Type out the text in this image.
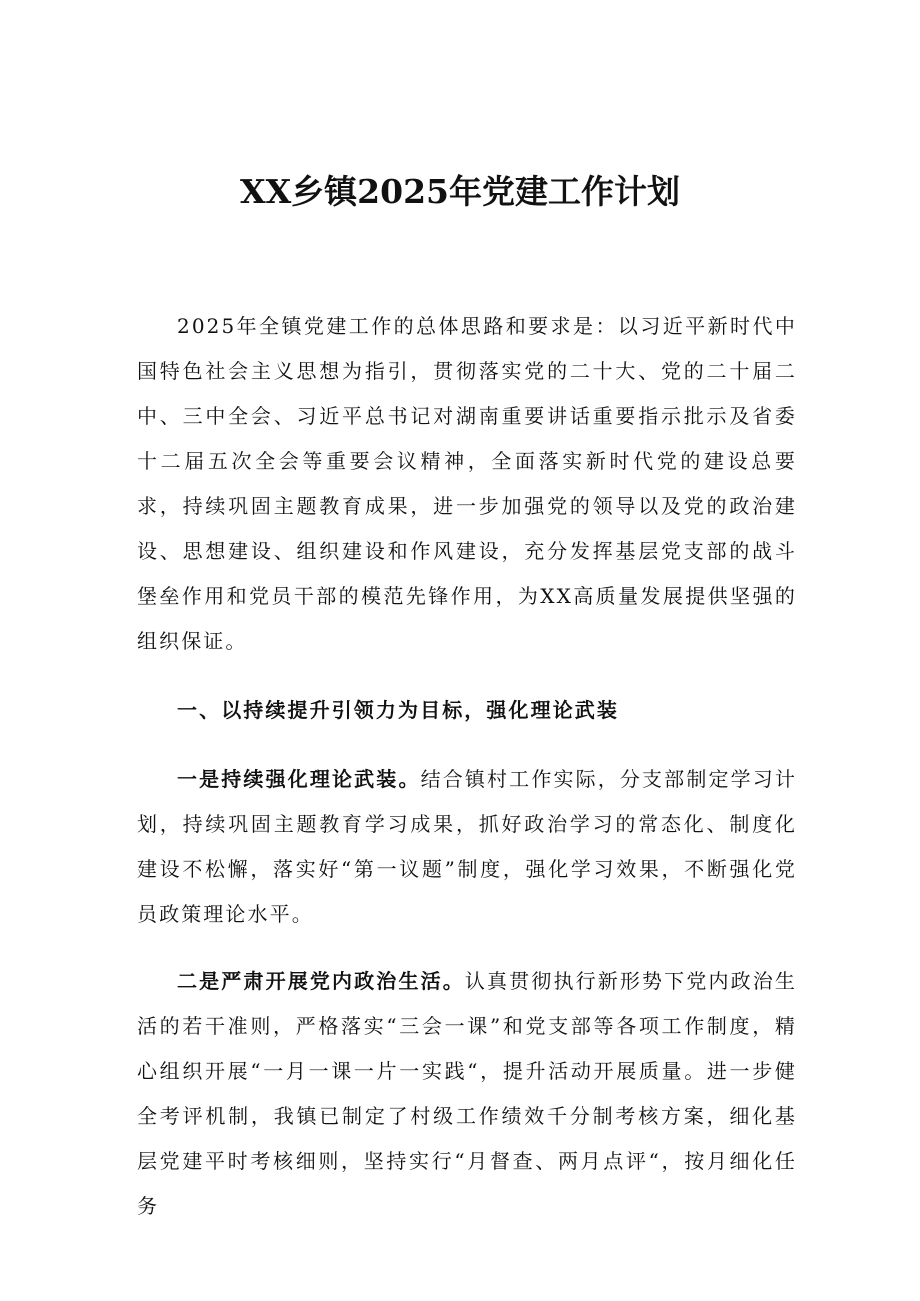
XX乡镇2025年党建工作计划

2025年全镇党建工作的总体思路和要求是：以习近平新时代中国特色社会主义思想为指引，贯彻落实党的二十大、党的二十届二中、三中全会、习近平总书记对湖南重要讲话重要指示批示及省委十二届五次全会等重要会议精神，全面落实新时代党的建设总要求，持续巩固主题教育成果，进一步加强党的领导以及党的政治建设、思想建设、组织建设和作风建设，充分发挥基层党支部的战斗堡垒作用和党员干部的模范先锋作用，为XX高质量发展提供坚强的组织保证。

一、以持续提升引领力为目标，强化理论武装

一是持续强化理论武装。结合镇村工作实际，分支部制定学习计划，持续巩固主题教育学习成果，抓好政治学习的常态化、制度化建设不松懈，落实好“第一议题”制度，强化学习效果，不断强化党员政策理论水平。

二是严肃开展党内政治生活。认真贯彻执行新形势下党内政治生活的若干准则，严格落实“三会一课”和党支部等各项工作制度，精心组织开展“一月一课一片一实践“，提升活动开展质量。进一步健全考评机制，我镇已制定了村级工作绩效千分制考核方案，细化基层党建平时考核细则，坚持实行“月督查、两月点评“，按月细化任务
